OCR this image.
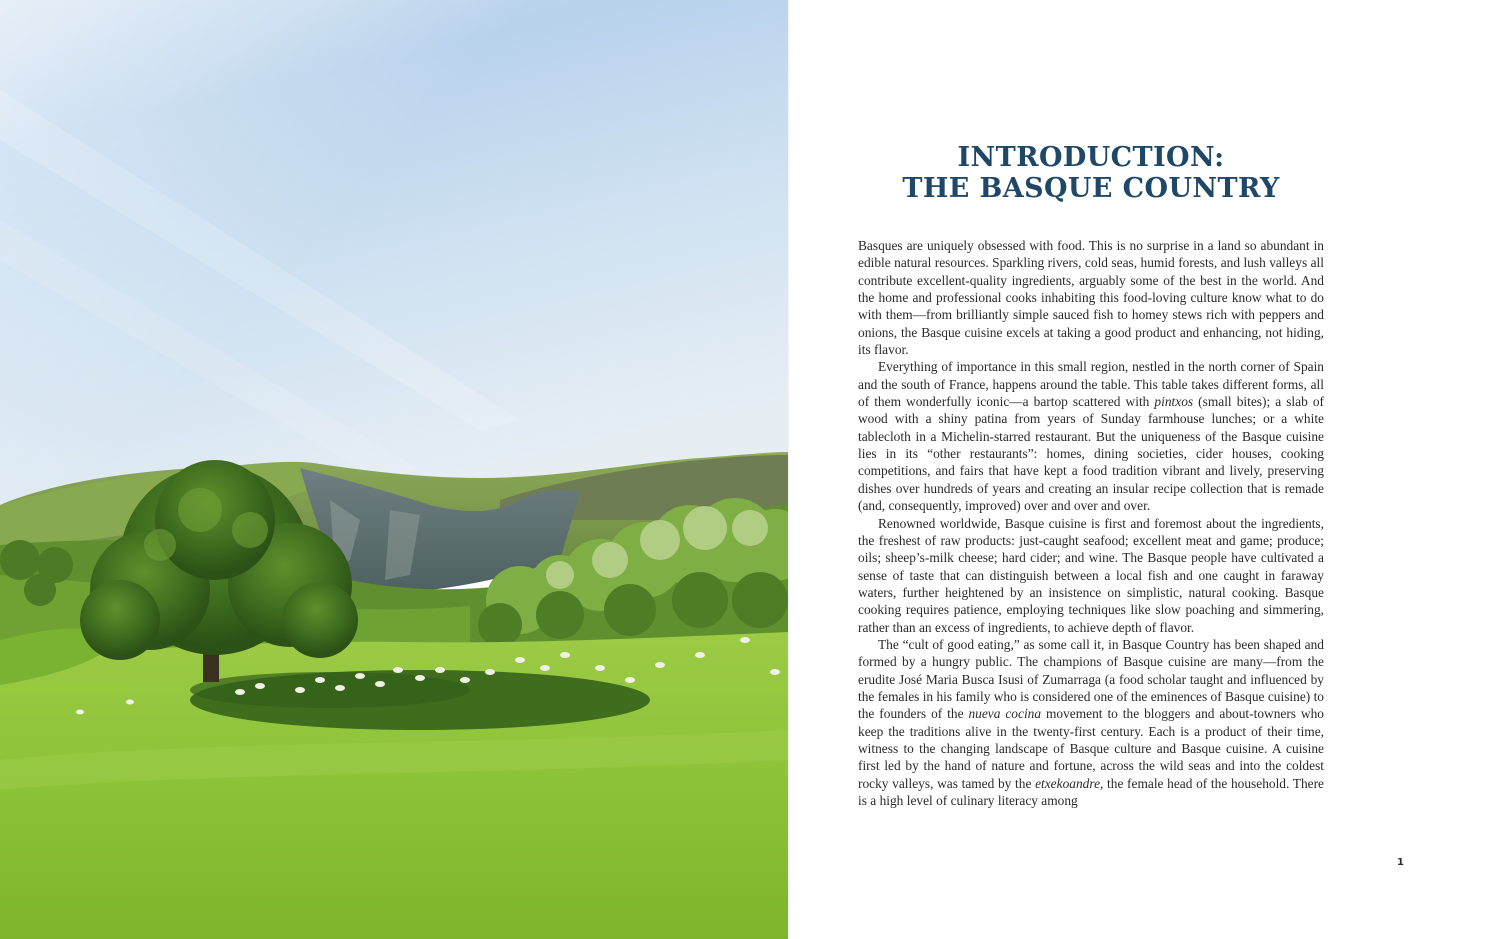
INTRODUCTION:
THE BASQUE COUNTRY

Basques are uniquely obsessed with food. This is no surprise in a land so abundant in edible natural resources. Sparkling rivers, cold seas, humid forests, and lush valleys all contribute excellent-quality ingredients, arguably some of the best in the world. And the home and professional cooks inhabiting this food-loving culture know what to do with them—from brilliantly simple sauced fish to homey stews rich with peppers and onions, the Basque cuisine excels at taking a good product and enhancing, not hiding, its flavor.

Everything of importance in this small region, nestled in the north corner of Spain and the south of France, happens around the table. This table takes different forms, all of them wonderfully iconic—a bartop scattered with pintxos (small bites); a slab of wood with a shiny patina from years of Sunday farmhouse lunches; or a white tablecloth in a Michelin-starred restaurant. But the uniqueness of the Basque cuisine lies in its “other restaurants”: homes, dining societies, cider houses, cooking competitions, and fairs that have kept a food tradition vibrant and lively, preserving dishes over hundreds of years and creating an insular recipe collection that is remade (and, consequently, improved) over and over and over.

Renowned worldwide, Basque cuisine is first and foremost about the ingredients, the freshest of raw products: just-caught seafood; excellent meat and game; produce; oils; sheep’s-milk cheese; hard cider; and wine. The Basque people have cultivated a sense of taste that can distinguish between a local fish and one caught in faraway waters, further heightened by an insistence on simplistic, natural cooking. Basque cooking requires patience, employing techniques like slow poaching and simmering, rather than an excess of ingredients, to achieve depth of flavor.

The “cult of good eating,” as some call it, in Basque Country has been shaped and formed by a hungry public. The champions of Basque cuisine are many—from the erudite José Maria Busca Isusi of Zumarraga (a food scholar taught and influenced by the females in his family who is considered one of the eminences of Basque cuisine) to the founders of the nueva cocina movement to the bloggers and about-towners who keep the traditions alive in the twenty-first century. Each is a product of their time, witness to the changing landscape of Basque culture and Basque cuisine. A cuisine first led by the hand of nature and fortune, across the wild seas and into the coldest rocky valleys, was tamed by the etxekoandre, the female head of the household. There is a high level of culinary literacy among

1
